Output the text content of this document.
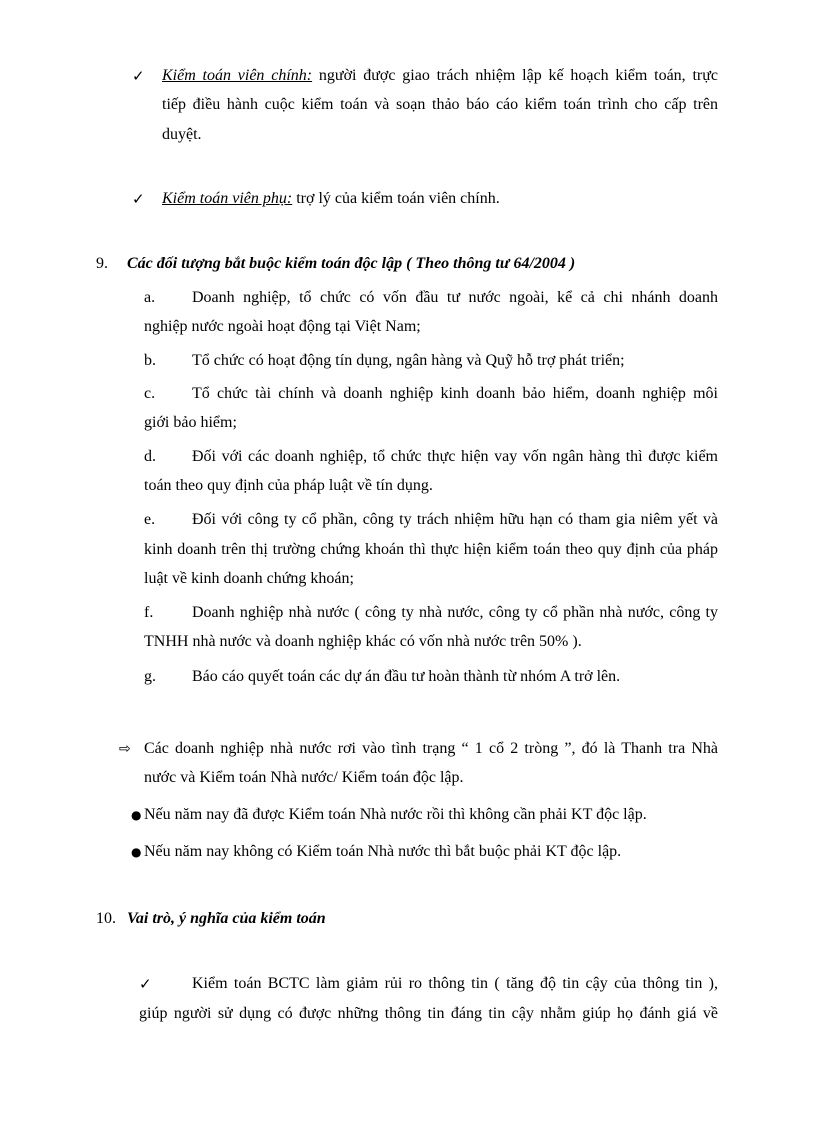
✓ Kiểm toán viên chính: người được giao trách nhiệm lập kế hoạch kiểm toán, trực
tiếp điều hành cuộc kiểm toán và soạn thảo báo cáo kiểm toán trình cho cấp trên
duyệt.
✓ Kiểm toán viên phụ: trợ lý của kiểm toán viên chính.
9. Các đối tượng bắt buộc kiểm toán độc lập ( Theo thông tư 64/2004 )
a. Doanh nghiệp, tổ chức có vốn đầu tư nước ngoài, kể cả chi nhánh doanh
nghiệp nước ngoài hoạt động tại Việt Nam;
b. Tổ chức có hoạt động tín dụng, ngân hàng và Quỹ hỗ trợ phát triển;
c. Tổ chức tài chính và doanh nghiệp kinh doanh bảo hiểm, doanh nghiệp môi
giới bảo hiểm;
d. Đối với các doanh nghiệp, tổ chức thực hiện vay vốn ngân hàng thì được kiểm
toán theo quy định của pháp luật về tín dụng.
e. Đối với công ty cổ phần, công ty trách nhiệm hữu hạn có tham gia niêm yết và
kinh doanh trên thị trường chứng khoán thì thực hiện kiểm toán theo quy định của pháp
luật về kinh doanh chứng khoán;
f. Doanh nghiệp nhà nước ( công ty nhà nước, công ty cổ phần nhà nước, công ty
TNHH nhà nước và doanh nghiệp khác có vốn nhà nước trên 50% ).
g. Báo cáo quyết toán các dự án đầu tư hoàn thành từ nhóm A trở lên.
⇨ Các doanh nghiệp nhà nước rơi vào tình trạng “ 1 cổ 2 tròng ”, đó là Thanh tra Nhà
nước và Kiểm toán Nhà nước/ Kiểm toán độc lập.
● Nếu năm nay đã được Kiểm toán Nhà nước rồi thì không cần phải KT độc lập.
● Nếu năm nay không có Kiểm toán Nhà nước thì bắt buộc phải KT độc lập.
10. Vai trò, ý nghĩa của kiểm toán
✓	Kiểm toán BCTC làm giảm rủi ro thông tin ( tăng độ tin cậy của thông tin ),
giúp người sử dụng có được những thông tin đáng tin cậy nhằm giúp họ đánh giá về
